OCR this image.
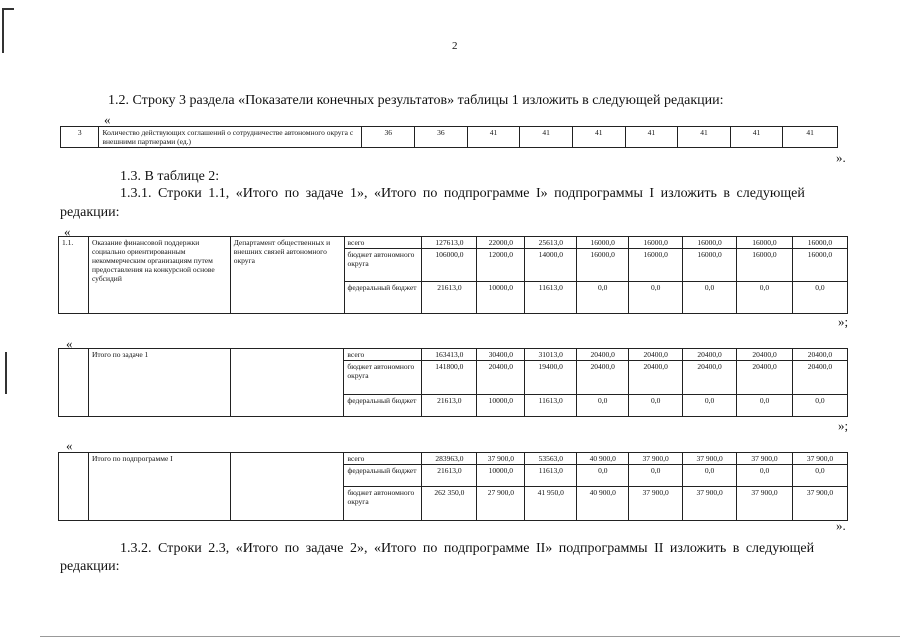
2
1.2. Строку 3 раздела «Показатели конечных результатов» таблицы 1 изложить в следующей редакции:
«
3	Количество действующих соглашений о сотрудничестве автономного округа с внешними партнерами (ед.)	36	36	41	41	41	41	41	41	41
».
1.3. В таблице 2:
1.3.1. Строки 1.1, «Итого по задаче 1», «Итого по подпрограмме I» подпрограммы I изложить в следующей
редакции:
«
1.1.	Оказание финансовой поддержки социально ориентированным некоммерческим организациям путем предоставления на конкурсной основе субсидий	Департамент общественных и внешних связей автономного округа	всего	127613,0	22000,0	25613,0	16000,0	16000,0	16000,0	16000,0	16000,0
			бюджет автономного округа	106000,0	12000,0	14000,0	16000,0	16000,0	16000,0	16000,0	16000,0
			федеральный бюджет	21613,0	10000,0	11613,0	0,0	0,0	0,0	0,0	0,0
»;
«
	Итого по задаче 1		всего	163413,0	30400,0	31013,0	20400,0	20400,0	20400,0	20400,0	20400,0
			бюджет автономного округа	141800,0	20400,0	19400,0	20400,0	20400,0	20400,0	20400,0	20400,0
			федеральный бюджет	21613,0	10000,0	11613,0	0,0	0,0	0,0	0,0	0,0
»;
«
	Итого по подпрограмме I		всего	283963,0	37 900,0	53563,0	40 900,0	37 900,0	37 900,0	37 900,0	37 900,0
			федеральный бюджет	21613,0	10000,0	11613,0	0,0	0,0	0,0	0,0	0,0
			бюджет автономного округа	262 350,0	27 900,0	41 950,0	40 900,0	37 900,0	37 900,0	37 900,0	37 900,0
».
1.3.2. Строки 2.3, «Итого по задаче 2», «Итого по подпрограмме II» подпрограммы II изложить в следующей
редакции:
